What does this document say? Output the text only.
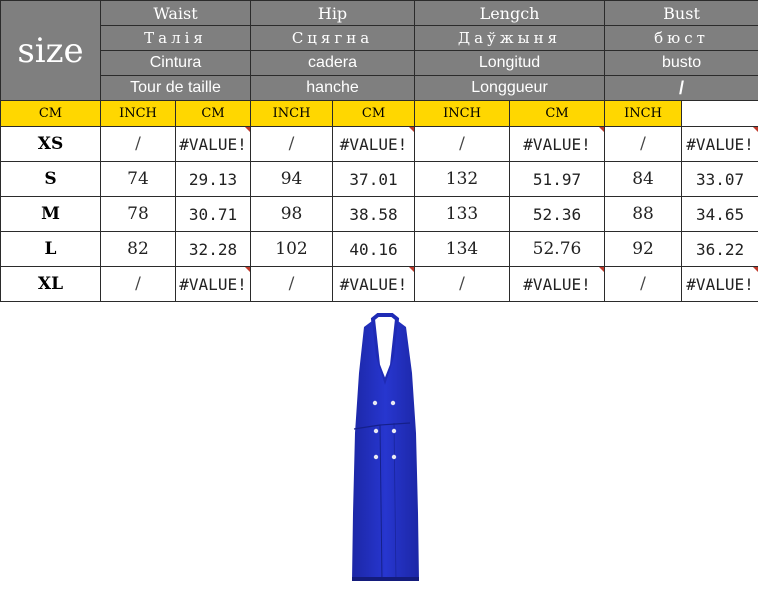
size	Waist		Hip		Lengch		Bust	
	Талія		Сцягна		Даўжыня		бюст	
	Cintura		cadera		Longitud		busto	
	Tour de taille		hanche		Longgueur		/	
CM	INCH	CM	INCH	CM	INCH	CM	INCH	
XS	/	#VALUE!	/	#VALUE!	/	#VALUE!	/	#VALUE!
S	74	29.13	94	37.01	132	51.97	84	33.07
M	78	30.71	98	38.58	133	52.36	88	34.65
L	82	32.28	102	40.16	134	52.76	92	36.22
XL	/	#VALUE!	/	#VALUE!	/	#VALUE!	/	#VALUE!
